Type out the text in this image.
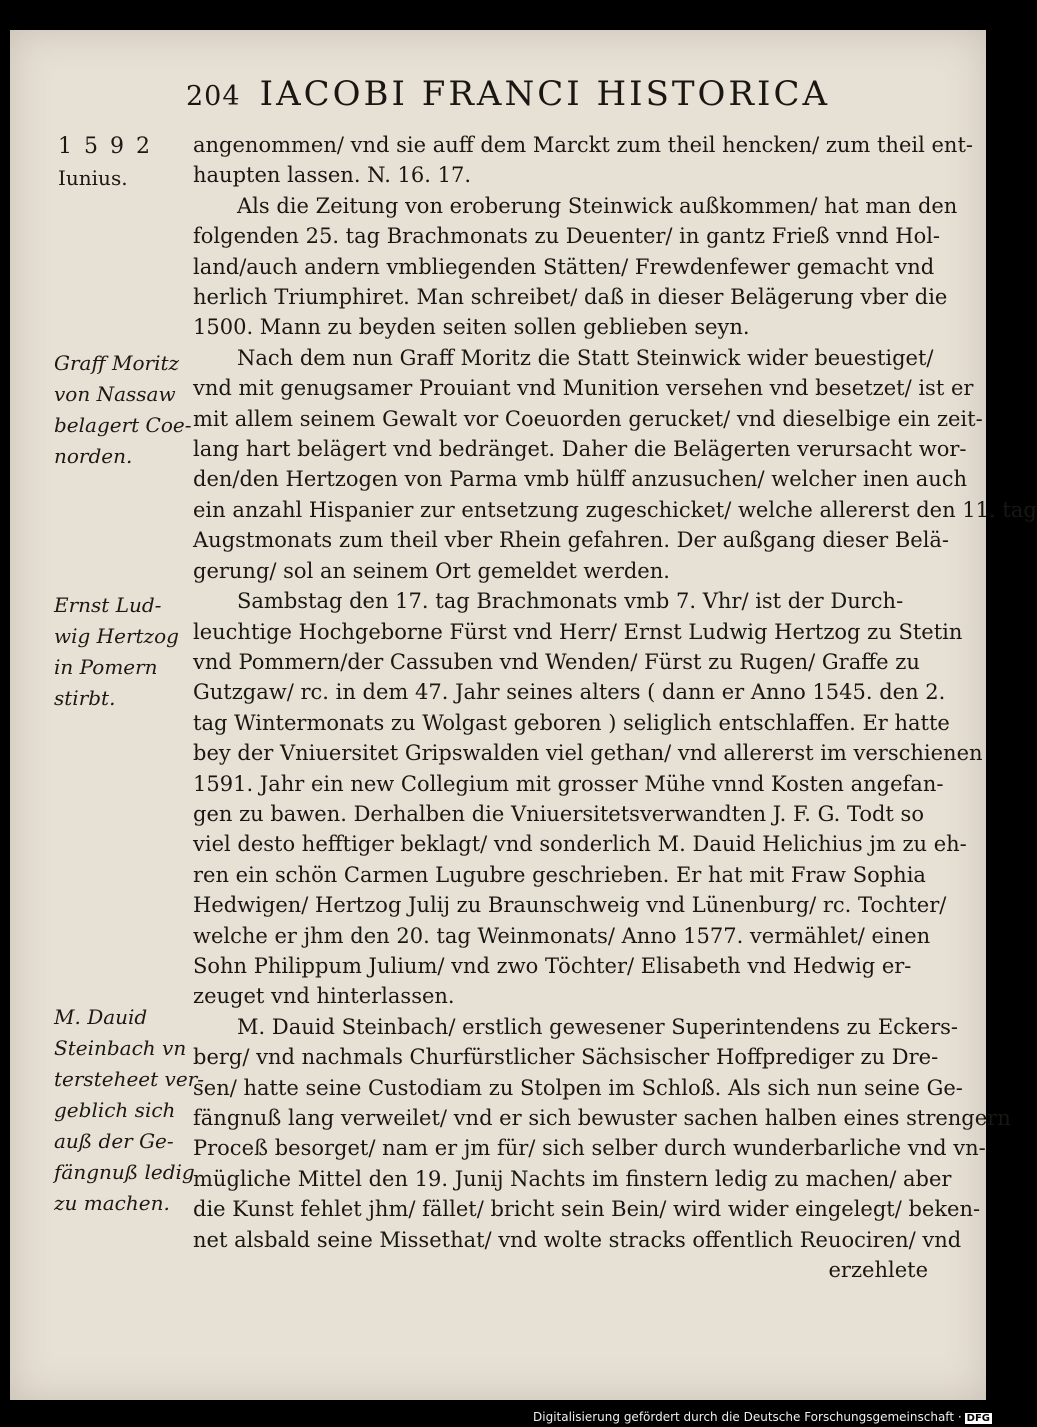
204 IACOBI FRANCI HISTORICA
1592
Iunius.
Graff Moritz
von Nassaw
belagert Coe-
norden.
Ernst Lud-
wig Hertzog
in Pomern
stirbt.
M. Dauid
Steinbach vn
tersteheet ver-
geblich sich
auß der Ge-
fängnuß ledig
zu machen.
angenommen/ vnd sie auff dem Marckt zum theil hencken/ zum theil ent-
haupten lassen. N. 16. 17.
Als die Zeitung von eroberung Steinwick außkommen/ hat man den
folgenden 25. tag Brachmonats zu Deuenter/ in gantz Frieß vnnd Hol-
land/auch andern vmbliegenden Stätten/ Frewdenfewer gemacht vnd
herlich Triumphiret. Man schreibet/ daß in dieser Belägerung vber die
1500. Mann zu beyden seiten sollen geblieben seyn.
Nach dem nun Graff Moritz die Statt Steinwick wider beuestiget/
vnd mit genugsamer Prouiant vnd Munition versehen vnd besetzet/ ist er
mit allem seinem Gewalt vor Coeuorden gerucket/ vnd dieselbige ein zeit-
lang hart belägert vnd bedränget. Daher die Belägerten verursacht wor-
den/den Hertzogen von Parma vmb hülff anzusuchen/ welcher inen auch
ein anzahl Hispanier zur entsetzung zugeschicket/ welche allererst den 11. tag
Augstmonats zum theil vber Rhein gefahren. Der außgang dieser Belä-
gerung/ sol an seinem Ort gemeldet werden.
Sambstag den 17. tag Brachmonats vmb 7. Vhr/ ist der Durch-
leuchtige Hochgeborne Fürst vnd Herr/ Ernst Ludwig Hertzog zu Stetin
vnd Pommern/der Cassuben vnd Wenden/ Fürst zu Rugen/ Graffe zu
Gutzgaw/ rc. in dem 47. Jahr seines alters ( dann er Anno 1545. den 2.
tag Wintermonats zu Wolgast geboren ) seliglich entschlaffen. Er hatte
bey der Vniuersitet Gripswalden viel gethan/ vnd allererst im verschienen
1591. Jahr ein new Collegium mit grosser Mühe vnnd Kosten angefan-
gen zu bawen. Derhalben die Vniuersitetsverwandten J. F. G. Todt so
viel desto hefftiger beklagt/ vnd sonderlich M. Dauid Helichius jm zu eh-
ren ein schön Carmen Lugubre geschrieben. Er hat mit Fraw Sophia
Hedwigen/ Hertzog Julij zu Braunschweig vnd Lünenburg/ rc. Tochter/
welche er jhm den 20. tag Weinmonats/ Anno 1577. vermählet/ einen
Sohn Philippum Julium/ vnd zwo Töchter/ Elisabeth vnd Hedwig er-
zeuget vnd hinterlassen.
M. Dauid Steinbach/ erstlich gewesener Superintendens zu Eckers-
berg/ vnd nachmals Churfürstlicher Sächsischer Hoffprediger zu Dre-
sen/ hatte seine Custodiam zu Stolpen im Schloß. Als sich nun seine Ge-
fängnuß lang verweilet/ vnd er sich bewuster sachen halben eines strengern
Proceß besorget/ nam er jm für/ sich selber durch wunderbarliche vnd vn-
mügliche Mittel den 19. Junij Nachts im finstern ledig zu machen/ aber
die Kunst fehlet jhm/ fället/ bricht sein Bein/ wird wider eingelegt/ beken-
net alsbald seine Missethat/ vnd wolte stracks offentlich Reuociren/ vnd
erzehlete
Digitalisierung gefördert durch die Deutsche Forschungsgemeinschaft · DFG
